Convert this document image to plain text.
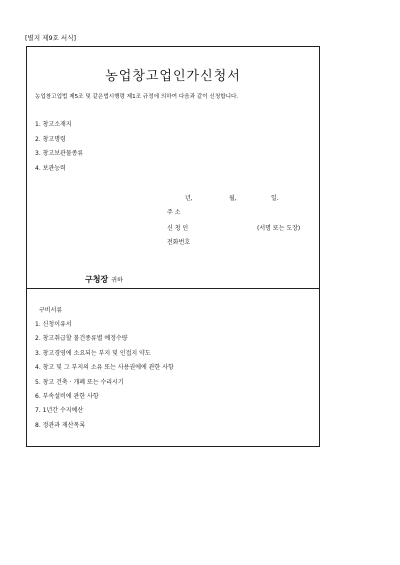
[별지 제9호 서식]
농업창고업인가신청서
농업창고업법 제5조 및 같은법시행령 제1조 규정에 의하여 다음과 같이 신청합니다.
1. 창고소재지
2. 창고명령
3. 창고보관물종류
4. 보관능력
년,	월,	일.
주 소
신 청 인	(서명 또는 도장)
전화번호
구청장 귀하
구비서류
1. 신청이유서
2. 창고취급할 물건종류별 예정수량
3. 창고경영에 소요되는 부지 및 인접지 약도
4. 창고 및 그 부지의 소유 또는 사용권에에 관한 사항
5. 창고 건축 · 개폐 또는 수리시기
6. 부속설비에 관한 사항
7. 1년간 수지예산
8. 정관과 재산목록
